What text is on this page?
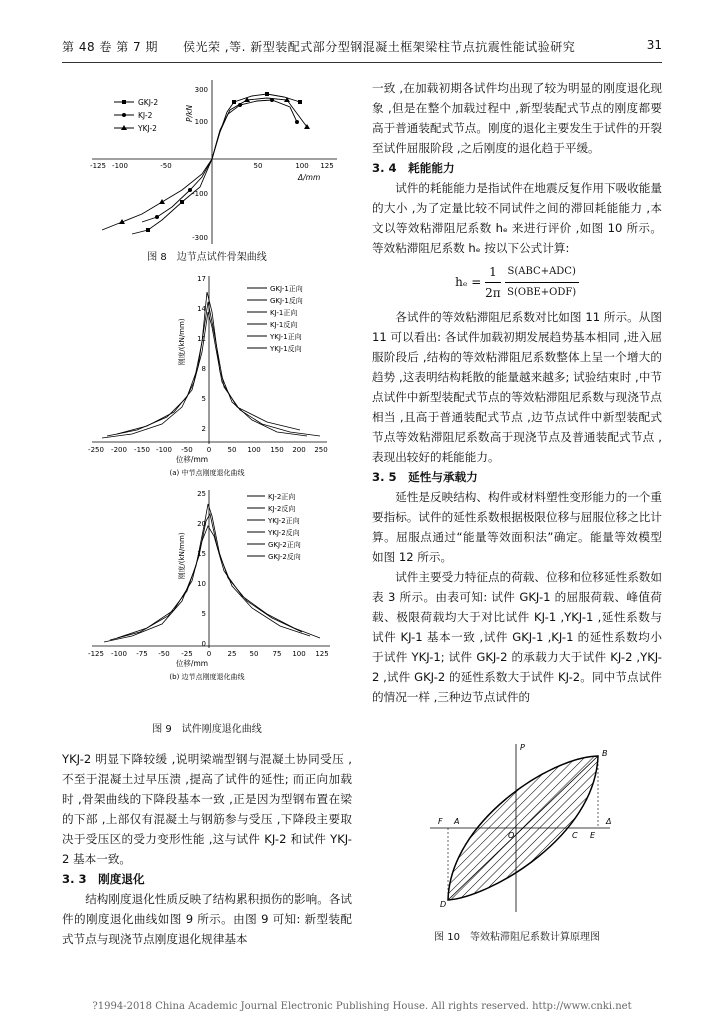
第 48 卷 第 7 期　　侯光荣 ,等. 新型装配式部分型钢混凝土框架梁柱节点抗震性能试验研究	31
GKJ-2
KJ-2
YKJ-2
-125 -100	-50	50	100 125
300
100
-100
-300
Δ/mm
P/kN
图 8　边节点试件骨架曲线
GKJ-1正向
GKJ-1反向
KJ-1正向
KJ-1反向
YKJ-1正向
YKJ-1反向
-250 -200 -150 -100 -50 0 50 100 150 200 250
17
14
11
8
5
2
位移/mm
刚度/(kN/mm)
(a) 中节点刚度退化曲线
KJ-2正向
KJ-2反向
YKJ-2正向
YKJ-2反向
GKJ-2正向
GKJ-2反向
-125 -100 -75 -50 -25 0 25 50 75 100 125
25
20
15
10
5
0
位移/mm
刚度/(kN/mm)
(b) 边节点刚度退化曲线
图 9　试件刚度退化曲线

YKJ-2 明显下降较缓 ,说明梁端型钢与混凝土协同受压 ,不至于混凝土过早压溃 ,提高了试件的延性; 而正向加载时 ,骨架曲线的下降段基本一致 ,正是因为型钢布置在梁的下部 ,上部仅有混凝土与钢筋参与受压 ,下降段主要取决于受压区的受力变形性能 ,这与试件 KJ-2 和试件 YKJ-2 基本一致。

3. 3　刚度退化

结构刚度退化性质反映了结构累积损伤的影响。各试件的刚度退化曲线如图 9 所示。由图 9 可知: 新型装配式节点与现浇节点刚度退化规律基本

一致 ,在加载初期各试件均出现了较为明显的刚度退化现象 ,但是在整个加载过程中 ,新型装配式节点的刚度都要高于普通装配式节点。刚度的退化主要发生于试件的开裂至试件屈服阶段 ,之后刚度的退化趋于平缓。

3. 4　耗能能力

试件的耗能能力是指试件在地震反复作用下吸收能量的大小 ,为了定量比较不同试件之间的滞回耗能能力 ,本文以等效粘滞阻尼系数 hₑ 来进行评价 ,如图 10 所示。等效粘滞阻尼系数 hₑ 按以下公式计算:

$h_e = \frac{1}{2\pi}$
S(ABC+ADC)
S(OBE+ODF)

各试件的等效粘滞阻尼系数对比如图 11 所示。从图 11 可以看出: 各试件加载初期发展趋势基本相同 ,进入屈服阶段后 ,结构的等效粘滞阻尼系数整体上呈一个增大的趋势 ,这表明结构耗散的能量越来越多; 试验结束时 ,中节点试件中新型装配式节点的等效粘滞阻尼系数与现浇节点相当 ,且高于普通装配式节点 ,边节点试件中新型装配式节点等效粘滞阻尼系数高于现浇节点及普通装配式节点 ,表现出较好的耗能能力。

3. 5　延性与承载力

延性是反映结构、构件或材料塑性变形能力的一个重要指标。试件的延性系数根据极限位移与屈服位移之比计算。屈服点通过“能量等效面积法”确定。能量等效模型如图 12 所示。

试件主要受力特征点的荷载、位移和位移延性系数如表 3 所示。由表可知: 试件 GKJ-1 的屈服荷载、峰值荷载、极限荷载均大于对比试件 KJ-1 ,YKJ-1 ,延性系数与试件 KJ-1 基本一致 ,试件 GKJ-1 ,KJ-1 的延性系数均小于试件 YKJ-1; 试件 GKJ-2 的承载力大于试件 KJ-2 ,YKJ-2 ,试件 GKJ-2 的延性系数大于试件 KJ-2。同中节点试件的情况一样 ,三种边节点试件的

A
B
C
D
E
F
O
P
Δ
图 10　等效粘滞阻尼系数计算原理图
?1994-2018 China Academic Journal Electronic Publishing House. All rights reserved. http://www.cnki.net
